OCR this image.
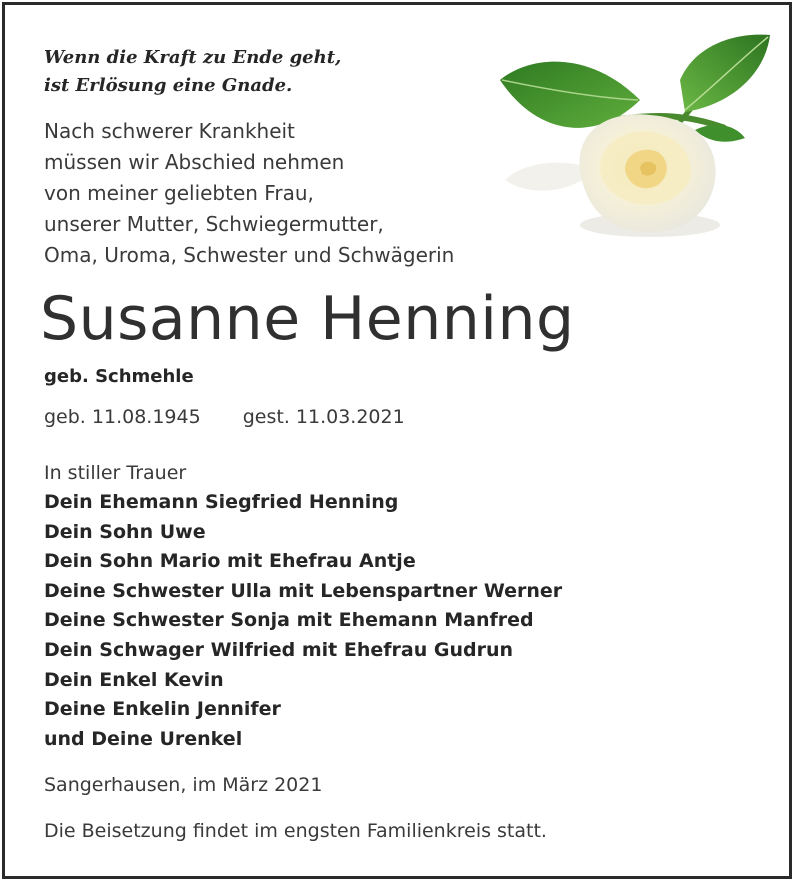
Wenn die Kraft zu Ende geht,
ist Erlösung eine Gnade.
Nach schwerer Krankheit
müssen wir Abschied nehmen
von meiner geliebten Frau,
unserer Mutter, Schwiegermutter,
Oma, Uroma, Schwester und Schwägerin
Susanne Henning
geb. Schmehle
geb. 11.08.1945 gest. 11.03.2021
In stiller Trauer
Dein Ehemann Siegfried Henning
Dein Sohn Uwe
Dein Sohn Mario mit Ehefrau Antje
Deine Schwester Ulla mit Lebenspartner Werner
Deine Schwester Sonja mit Ehemann Manfred
Dein Schwager Wilfried mit Ehefrau Gudrun
Dein Enkel Kevin
Deine Enkelin Jennifer
und Deine Urenkel
Sangerhausen, im März 2021
Die Beisetzung findet im engsten Familienkreis statt.
